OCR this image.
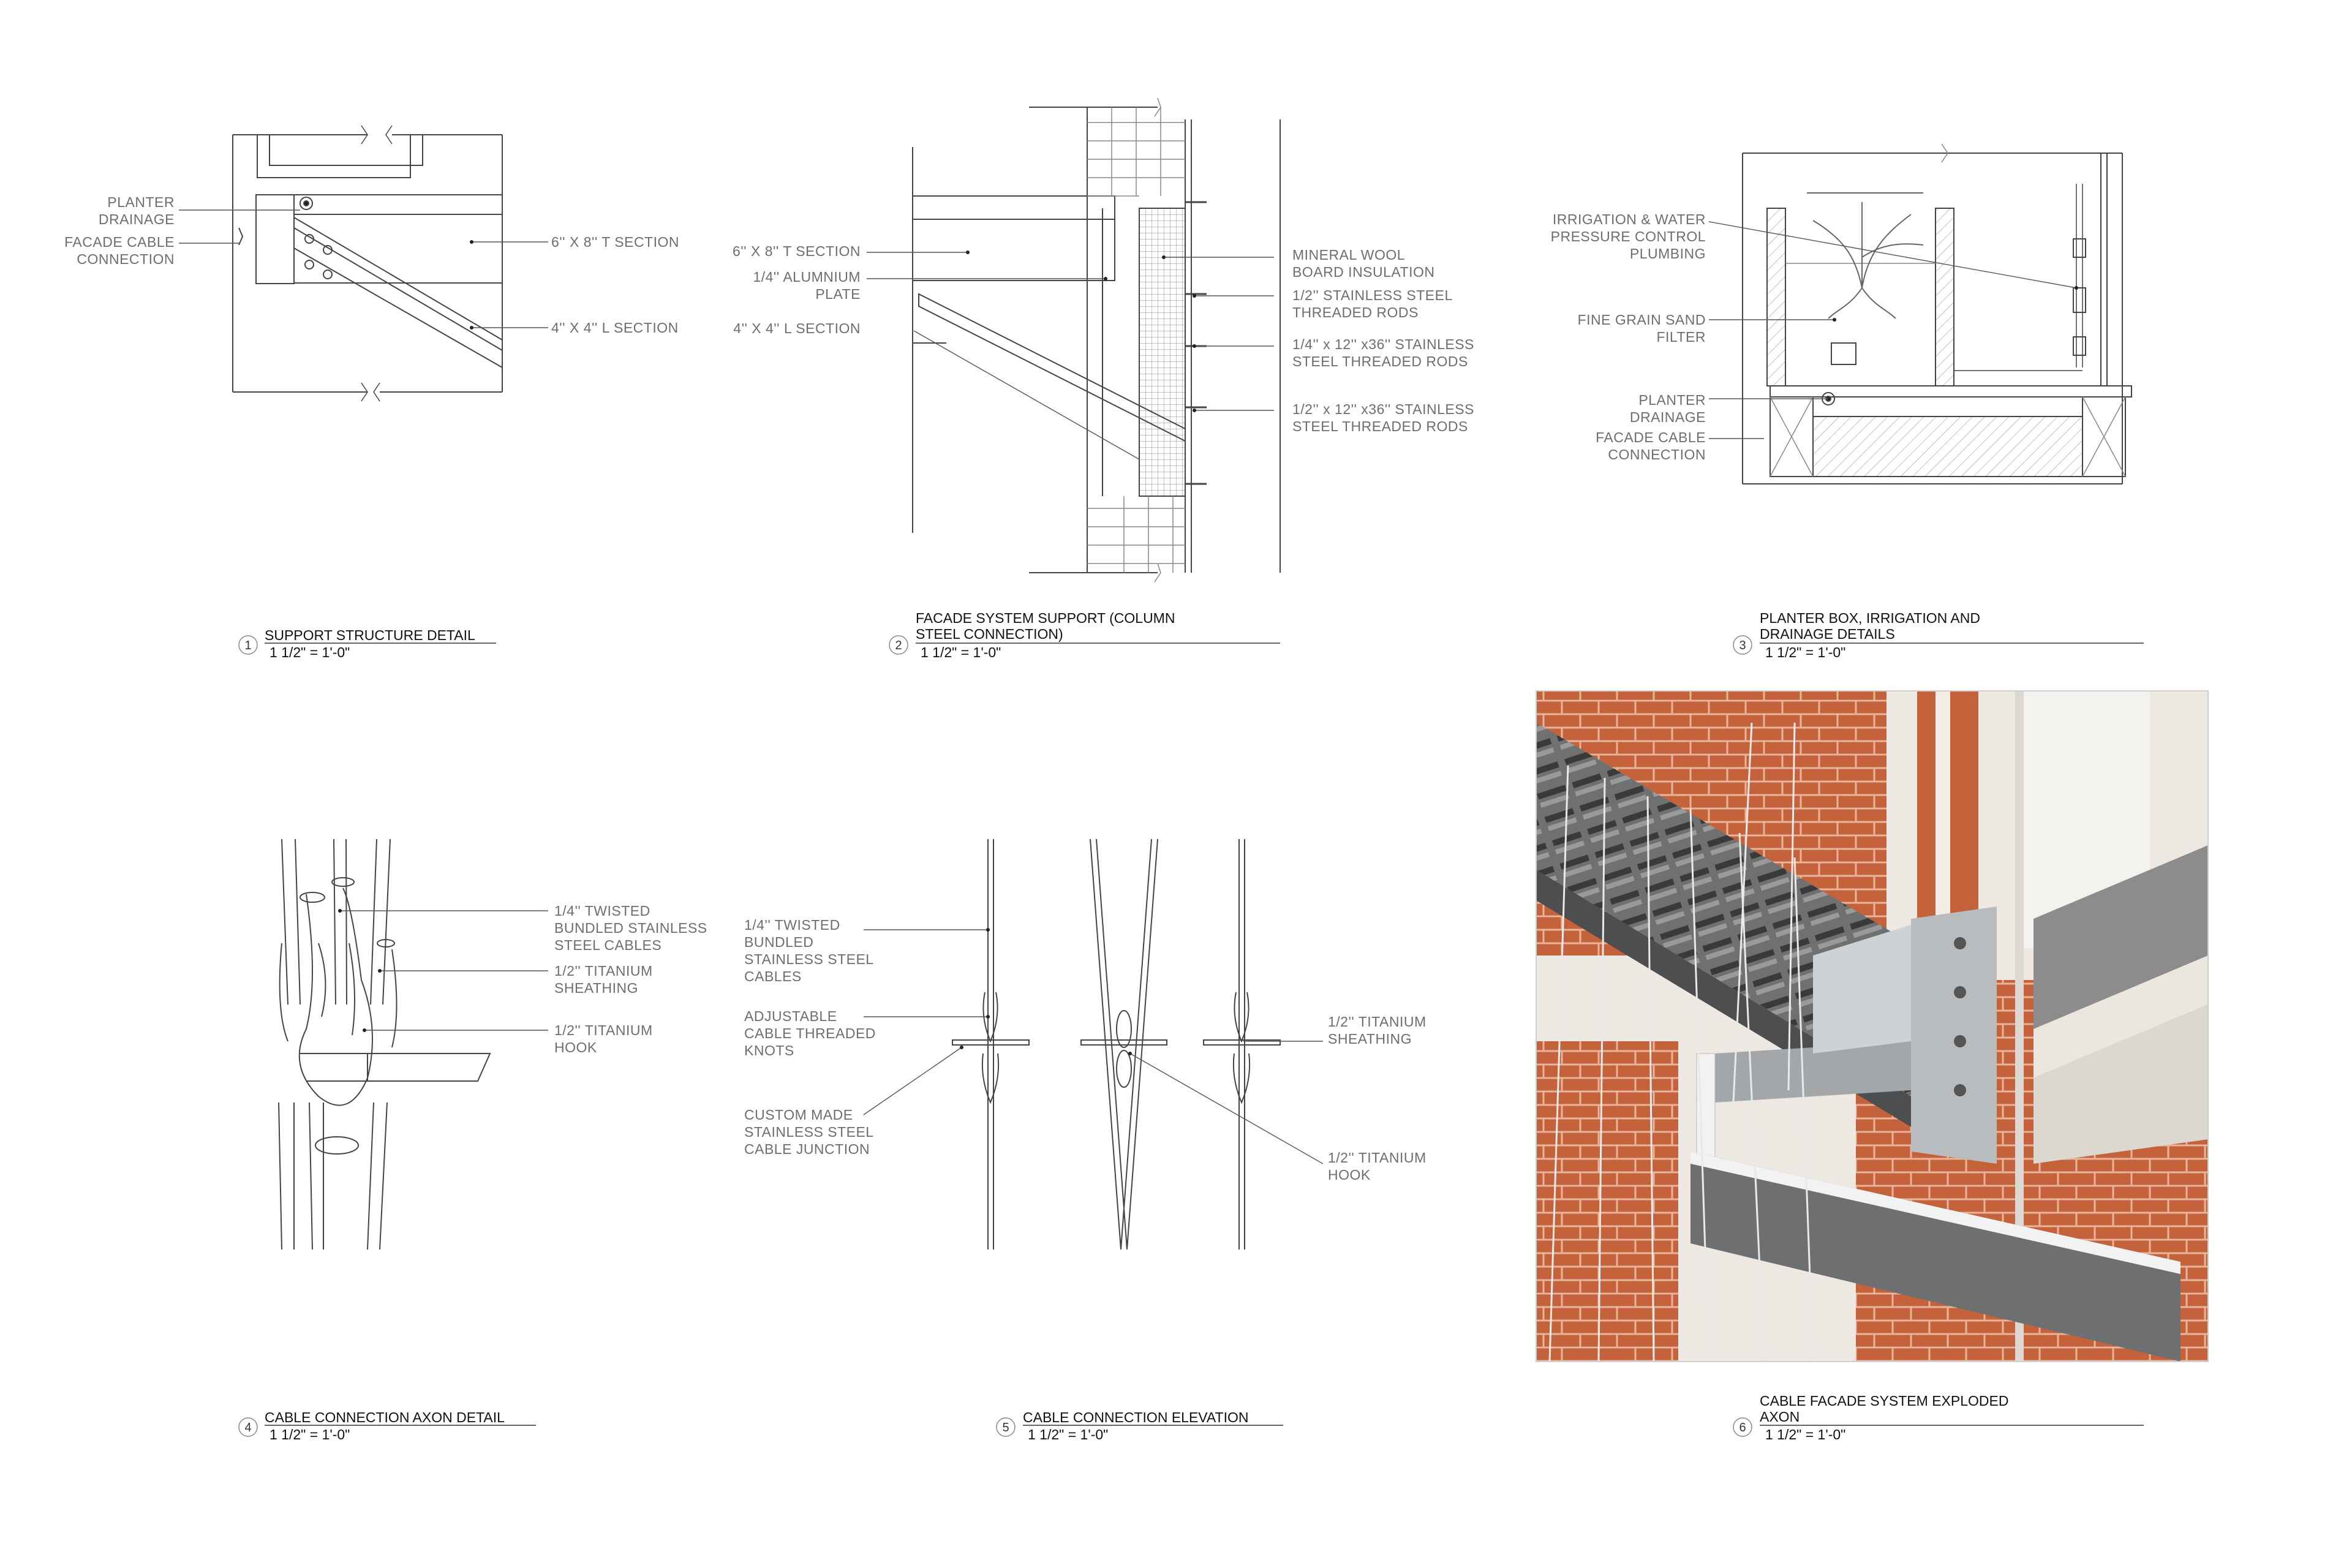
PLANTER
DRAINAGE
FACADE CABLE
CONNECTION
6'' X 8'' T SECTION
4'' X 4'' L SECTION
1
SUPPORT STRUCTURE DETAIL
1 1/2" = 1'-0"
6'' X 8'' T SECTION
1/4'' ALUMNIUM
PLATE
4'' X 4'' L SECTION
MINERAL WOOL
BOARD INSULATION
1/2'' STAINLESS STEEL
THREADED RODS
1/4'' x 12'' x36'' STAINLESS
STEEL THREADED RODS
1/2'' x 12'' x36'' STAINLESS
STEEL THREADED RODS
2
FACADE SYSTEM SUPPORT (COLUMN
STEEL CONNECTION)
1 1/2" = 1'-0"
IRRIGATION & WATER
PRESSURE CONTROL
PLUMBING
FINE GRAIN SAND
FILTER
PLANTER
DRAINAGE
FACADE CABLE
CONNECTION
3
PLANTER BOX, IRRIGATION AND
DRAINAGE DETAILS
1 1/2" = 1'-0"
1/4'' TWISTED
BUNDLED STAINLESS
STEEL CABLES
1/2'' TITANIUM
SHEATHING
1/2'' TITANIUM
HOOK
4
CABLE CONNECTION AXON DETAIL
1 1/2" = 1'-0"
1/4'' TWISTED
BUNDLED
STAINLESS STEEL
CABLES
ADJUSTABLE
CABLE THREADED
KNOTS
CUSTOM MADE
STAINLESS STEEL
CABLE JUNCTION
1/2'' TITANIUM
SHEATHING
1/2'' TITANIUM
HOOK
5
CABLE CONNECTION ELEVATION
1 1/2" = 1'-0"	6
CABLE FACADE SYSTEM EXPLODED
AXON
1 1/2" = 1'-0"
